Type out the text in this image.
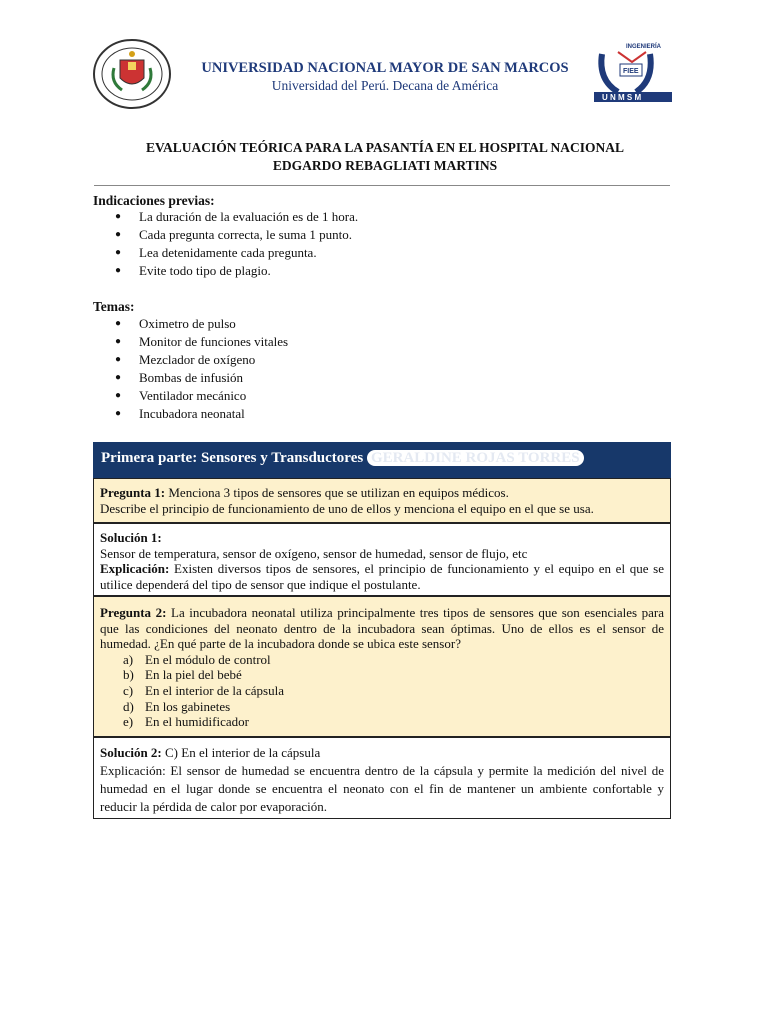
INGENIERÍA
FIEE
U N M S M
FACULTAD DE ELECTRÓNICA
UNIVERSIDAD NACIONAL MAYOR DE SAN MARCOS
Universidad del Perú. Decana de América
EVALUACIÓN TEÓRICA PARA LA PASANTÍA EN EL HOSPITAL NACIONAL
EDGARDO REBAGLIATI MARTINS
Indicaciones previas:
● La duración de la evaluación es de 1 hora.
● Cada pregunta correcta, le suma 1 punto.
● Lea detenidamente cada pregunta.
● Evite todo tipo de plagio.
Temas:
● Oximetro de pulso
● Monitor de funciones vitales
● Mezclador de oxígeno
● Bombas de infusión
● Ventilador mecánico
● Incubadora neonatal
Primera parte: Sensores y Transductores GERALDINE ROJAS TORRES
Pregunta 1: Menciona 3 tipos de sensores que se utilizan en equipos médicos.
Describe el principio de funcionamiento de uno de ellos y menciona el equipo en el que se usa.
Solución 1:
Sensor de temperatura, sensor de oxígeno, sensor de humedad, sensor de flujo, etc
Explicación: Existen diversos tipos de sensores, el principio de funcionamiento y el equipo en el que se utilice dependerá del tipo de sensor que indique el postulante.
Pregunta 2: La incubadora neonatal utiliza principalmente tres tipos de sensores que son esenciales para que las condiciones del neonato dentro de la incubadora sean óptimas. Uno de ellos es el sensor de humedad. ¿En qué parte de la incubadora donde se ubica este sensor?
a) En el módulo de control
b) En la piel del bebé
c) En el interior de la cápsula
d) En los gabinetes
e) En el humidificador
Solución 2: C) En el interior de la cápsula
Explicación: El sensor de humedad se encuentra dentro de la cápsula y permite la medición del nivel de humedad en el lugar donde se encuentra el neonato con el fin de mantener un ambiente confortable y reducir la pérdida de calor por evaporación.
